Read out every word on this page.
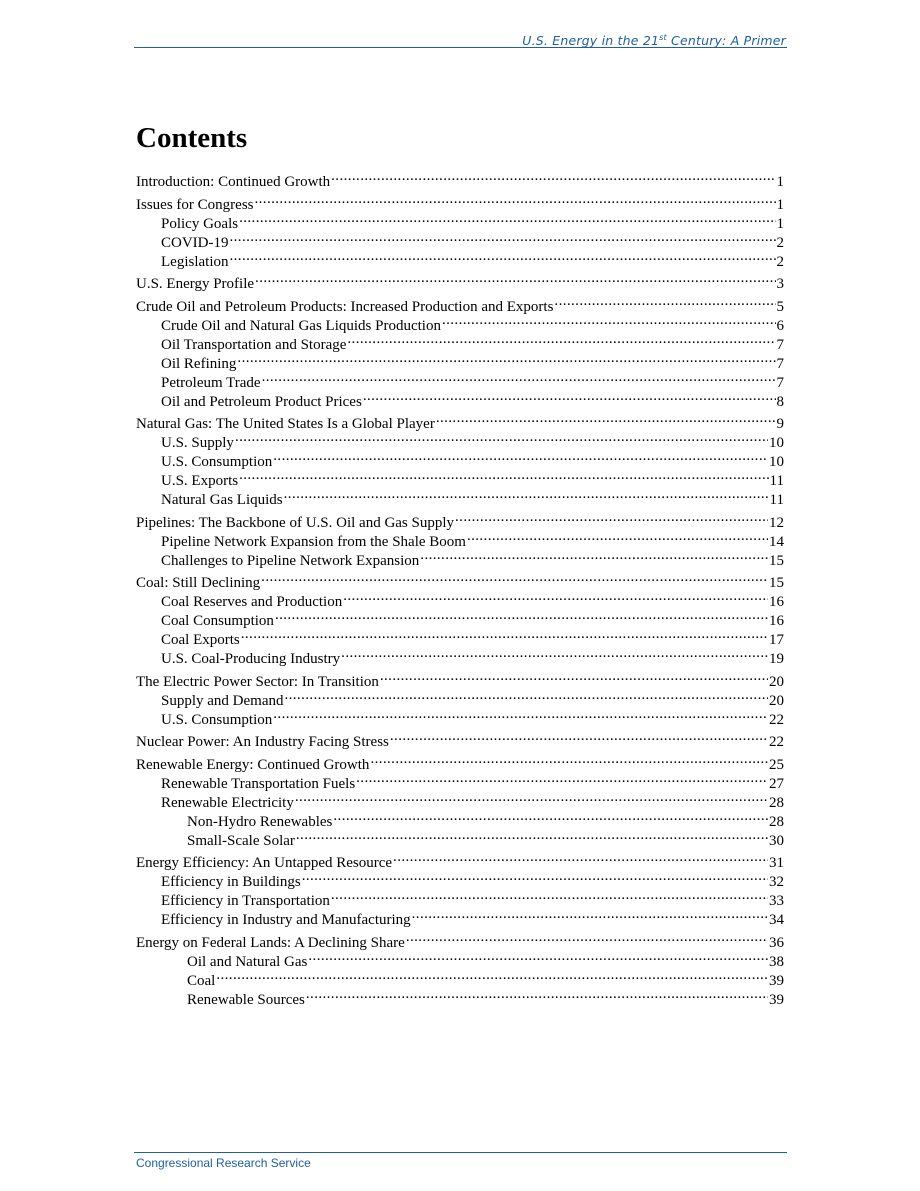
U.S. Energy in the 21st Century: A Primer
Contents
Introduction: Continued Growth .....	1
Issues for Congress .....	1
Policy Goals .....	1
COVID-19 .....	2
Legislation .....	2
U.S. Energy Profile .....	3
Crude Oil and Petroleum Products: Increased Production and Exports .....	5
Crude Oil and Natural Gas Liquids Production .....	6
Oil Transportation and Storage .....	7
Oil Refining .....	7
Petroleum Trade .....	7
Oil and Petroleum Product Prices .....	8
Natural Gas: The United States Is a Global Player .....	9
U.S. Supply .....	10
U.S. Consumption .....	10
U.S. Exports .....	11
Natural Gas Liquids .....	11
Pipelines: The Backbone of U.S. Oil and Gas Supply .....	12
Pipeline Network Expansion from the Shale Boom .....	14
Challenges to Pipeline Network Expansion .....	15
Coal: Still Declining .....	15
Coal Reserves and Production .....	16
Coal Consumption .....	16
Coal Exports .....	17
U.S. Coal-Producing Industry .....	19
The Electric Power Sector: In Transition .....	20
Supply and Demand .....	20
U.S. Consumption .....	22
Nuclear Power: An Industry Facing Stress .....	22
Renewable Energy: Continued Growth .....	25
Renewable Transportation Fuels .....	27
Renewable Electricity .....	28
Non-Hydro Renewables .....	28
Small-Scale Solar .....	30
Energy Efficiency: An Untapped Resource .....	31
Efficiency in Buildings .....	32
Efficiency in Transportation .....	33
Efficiency in Industry and Manufacturing .....	34
Energy on Federal Lands: A Declining Share .....	36
Oil and Natural Gas .....	38
Coal .....	39
Renewable Sources .....	39
Congressional Research Service
